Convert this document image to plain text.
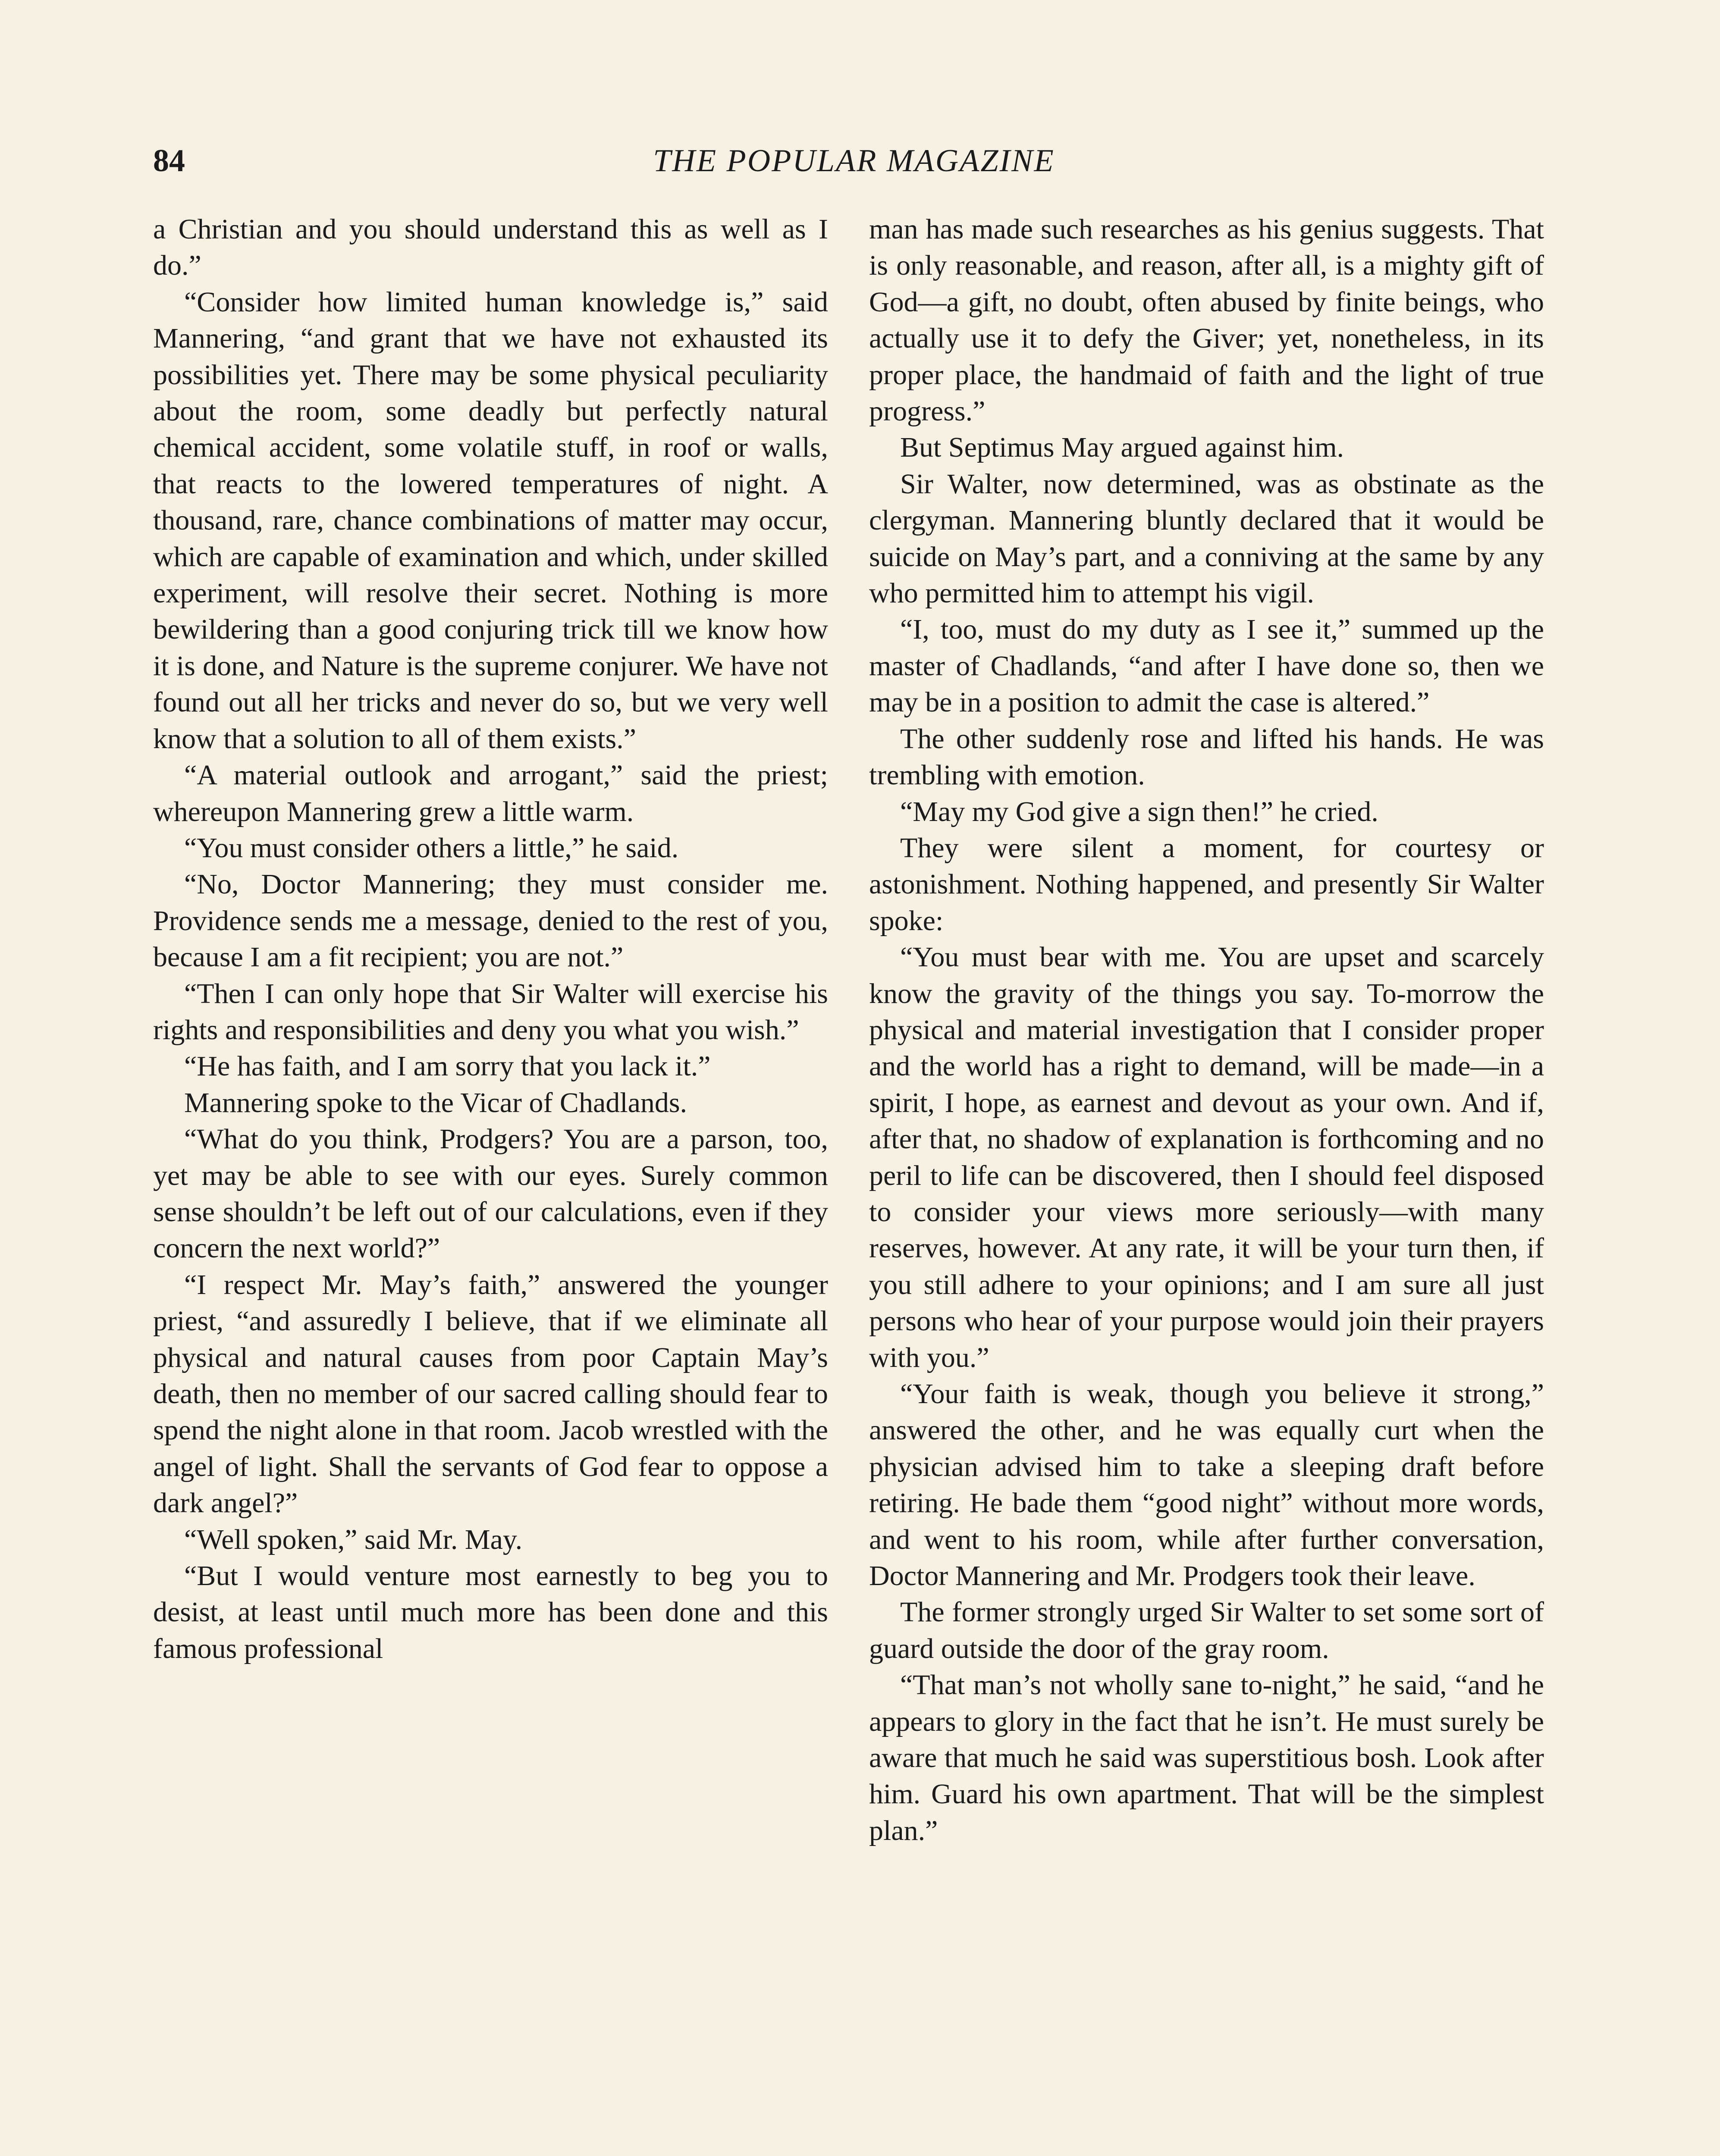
84	THE POPULAR MAGAZINE

a Christian and you should understand this as well as I do.”

“Consider how limited human knowledge is,” said Mannering, “and grant that we have not exhausted its possibilities yet. There may be some physical peculiarity about the room, some deadly but perfectly natural chemical accident, some volatile stuff, in roof or walls, that reacts to the lowered temperatures of night. A thousand, rare, chance combinations of matter may occur, which are capable of examination and which, under skilled experiment, will resolve their secret. Nothing is more bewildering than a good conjuring trick till we know how it is done, and Nature is the supreme conjurer. We have not found out all her tricks and never do so, but we very well know that a solution to all of them exists.”

“A material outlook and arrogant,” said the priest; whereupon Mannering grew a little warm.

“You must consider others a little,” he said.

“No, Doctor Mannering; they must consider me. Providence sends me a message, denied to the rest of you, because I am a fit recipient; you are not.”

“Then I can only hope that Sir Walter will exercise his rights and responsibilities and deny you what you wish.”

“He has faith, and I am sorry that you lack it.”

Mannering spoke to the Vicar of Chadlands.

“What do you think, Prodgers? You are a parson, too, yet may be able to see with our eyes. Surely common sense shouldn’t be left out of our calculations, even if they concern the next world?”

“I respect Mr. May’s faith,” answered the younger priest, “and assuredly I believe, that if we eliminate all physical and natural causes from poor Captain May’s death, then no member of our sacred calling should fear to spend the night alone in that room. Jacob wrestled with the angel of light. Shall the servants of God fear to oppose a dark angel?”

“Well spoken,” said Mr. May.

“But I would venture most earnestly to beg you to desist, at least until much more has been done and this famous professional

man has made such researches as his genius suggests. That is only reasonable, and reason, after all, is a mighty gift of God—a gift, no doubt, often abused by finite beings, who actually use it to defy the Giver; yet, nonetheless, in its proper place, the handmaid of faith and the light of true progress.”

But Septimus May argued against him.

Sir Walter, now determined, was as obstinate as the clergyman. Mannering bluntly declared that it would be suicide on May’s part, and a conniving at the same by any who permitted him to attempt his vigil.

“I, too, must do my duty as I see it,” summed up the master of Chadlands, “and after I have done so, then we may be in a position to admit the case is altered.”

The other suddenly rose and lifted his hands. He was trembling with emotion.

“May my God give a sign then!” he cried.

They were silent a moment, for courtesy or astonishment. Nothing happened, and presently Sir Walter spoke:

“You must bear with me. You are upset and scarcely know the gravity of the things you say. To-morrow the physical and material investigation that I consider proper and the world has a right to demand, will be made—in a spirit, I hope, as earnest and devout as your own. And if, after that, no shadow of explanation is forthcoming and no peril to life can be discovered, then I should feel disposed to consider your views more seriously—with many reserves, however. At any rate, it will be your turn then, if you still adhere to your opinions; and I am sure all just persons who hear of your purpose would join their prayers with you.”

“Your faith is weak, though you believe it strong,” answered the other, and he was equally curt when the physician advised him to take a sleeping draft before retiring. He bade them “good night” without more words, and went to his room, while after further conversation, Doctor Mannering and Mr. Prodgers took their leave.

The former strongly urged Sir Walter to set some sort of guard outside the door of the gray room.

“That man’s not wholly sane to-night,” he said, “and he appears to glory in the fact that he isn’t. He must surely be aware that much he said was superstitious bosh. Look after him. Guard his own apartment. That will be the simplest plan.”
